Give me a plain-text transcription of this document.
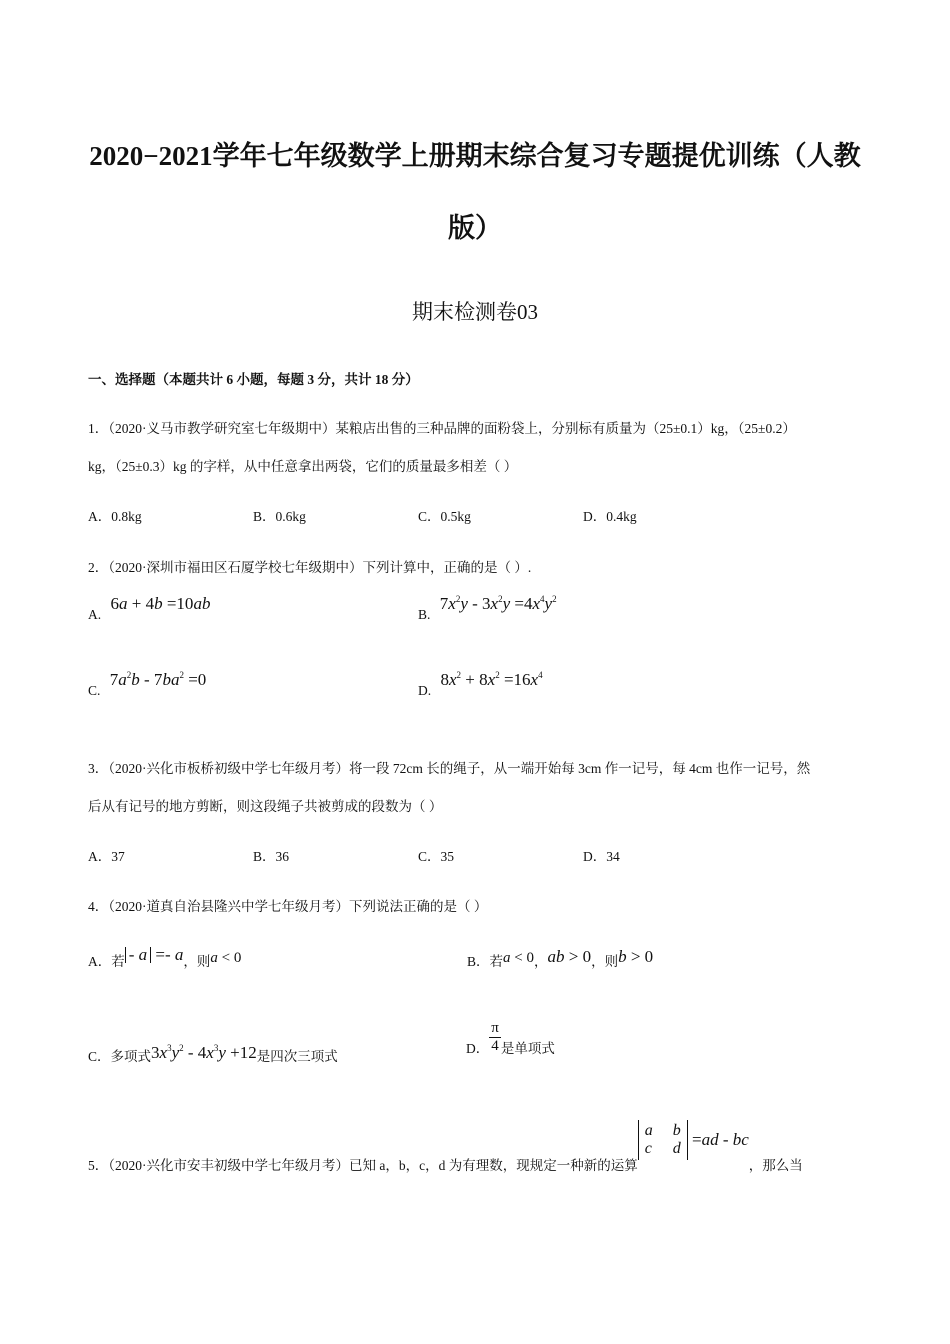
2020−2021学年七年级数学上册期末综合复习专题提优训练（人教
版）
期末检测卷03
一、选择题（本题共计 6 小题，每题 3 分，共计 18 分）
1．（2020·义马市教学研究室七年级期中）某粮店出售的三种品牌的面粉袋上，分别标有质量为（25±0.1）kg，（25±0.2）
kg，（25±0.3）kg 的字样，从中任意拿出两袋，它们的质量最多相差（ ）
A．0.8kg	B．0.6kg	C．0.5kg	D．0.4kg
2．（2020·深圳市福田区石厦学校七年级期中）下列计算中，正确的是（ ）.
A. 6a + 4b =10ab
B. $7x^2y - 3x^2y =4x^4y^2$
C. $7a^2b - 7ba^2 =0$
D. $8x^2 + 8x^2 =16x^4$
3．（2020·兴化市板桥初级中学七年级月考）将一段 72cm 长的绳子，从一端开始每 3cm 作一记号，每 4cm 也作一记号，然
后从有记号的地方剪断，则这段绳子共被剪成的段数为（ ）
A．37	B．36	C．35	D．34
4．（2020·道真自治县隆兴中学七年级月考）下列说法正确的是（ ）
A．若 - a =- a，则a < 0	B．若a < 0，ab > 0，则b > 0
C．多项式$3x^3y^2 - 4x^3y +12$是四次三项式
D． $\frac{\pi}{4}$ 是单项式
5．（2020·兴化市安丰初级中学七年级月考）已知 a，b，c，d 为有理数，现规定一种新的运算a b
c d =ad - bc，那么当
